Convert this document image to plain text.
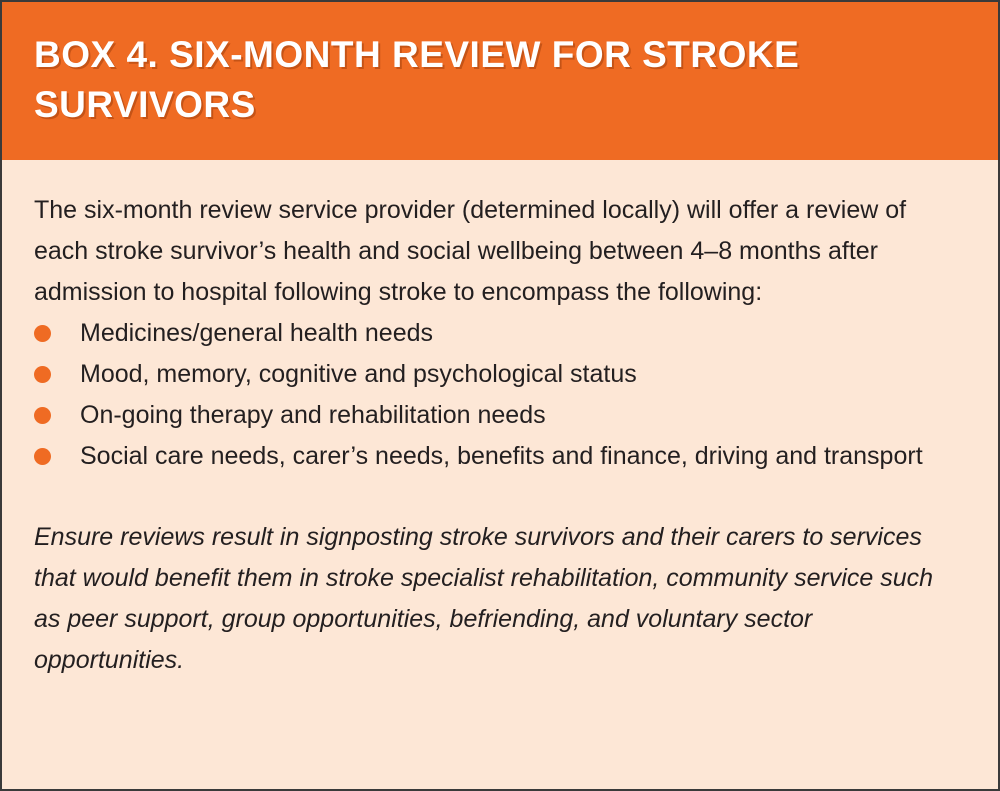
BOX 4. SIX-MONTH REVIEW FOR STROKE SURVIVORS

The six-month review service provider (determined locally) will offer a review of each stroke survivor’s health and social wellbeing between 4–8 months after admission to hospital following stroke to encompass the following:

Medicines/general health needs
Mood, memory, cognitive and psychological status
On-going therapy and rehabilitation needs
Social care needs, carer’s needs, benefits and finance, driving and transport

Ensure reviews result in signposting stroke survivors and their carers to services that would benefit them in stroke specialist rehabilitation, community service such as peer support, group opportunities, befriending, and voluntary sector opportunities.
